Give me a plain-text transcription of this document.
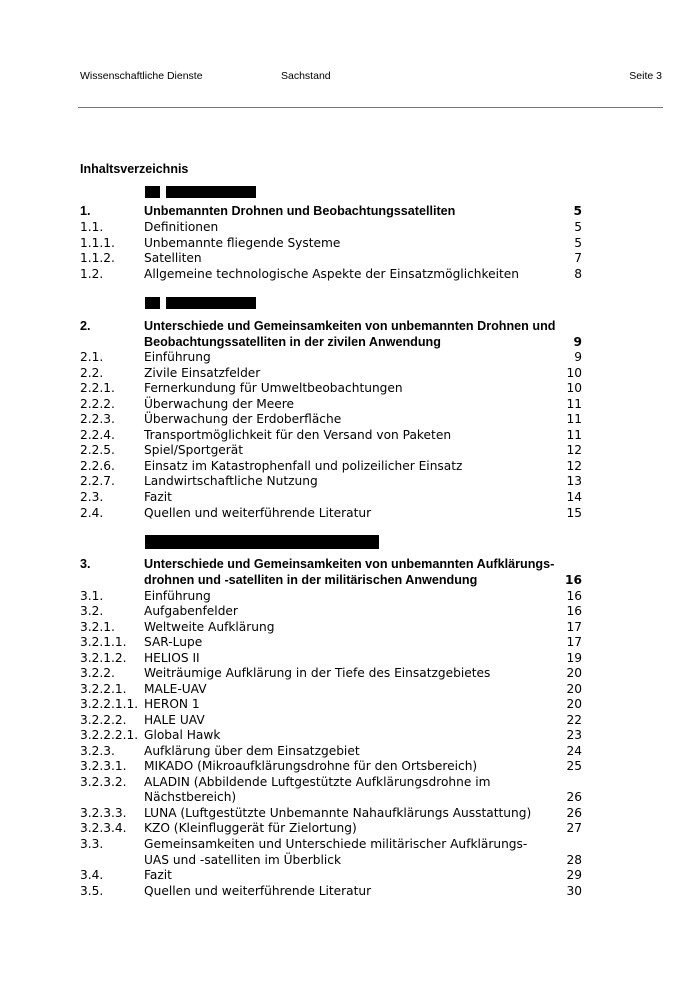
Wissenschaftliche Dienste	Sachstand	Seite 3
Inhaltsverzeichnis
1.	Unbemannten Drohnen und Beobachtungssatelliten	5
1.1.	Definitionen	5
1.1.1. Unbemannte fliegende Systeme	5
1.1.2. Satelliten	7
1.2.	Allgemeine technologische Aspekte der Einsatzmöglichkeiten	8
2.	Unterschiede und Gemeinsamkeiten von unbemannten Drohnen und
Beobachtungssatelliten in der zivilen Anwendung	9
2.1.	Einführung	9
2.2.	Zivile Einsatzfelder	10
2.2.1. Fernerkundung für Umweltbeobachtungen	10
2.2.2. Überwachung der Meere	11
2.2.3. Überwachung der Erdoberfläche	11
2.2.4. Transportmöglichkeit für den Versand von Paketen	11
2.2.5. Spiel/Sportgerät	12
2.2.6. Einsatz im Katastrophenfall und polizeilicher Einsatz	12
2.2.7. Landwirtschaftliche Nutzung	13
2.3.	Fazit	14
2.4.	Quellen und weiterführende Literatur	15
3.	Unterschiede und Gemeinsamkeiten von unbemannten Aufklärungs-
drohnen und -satelliten in der militärischen Anwendung	16
3.1.	Einführung	16
3.2.	Aufgabenfelder	16
3.2.1. Weltweite Aufklärung	17
3.2.1.1. SAR-Lupe	17
3.2.1.2. HELIOS II	19
3.2.2. Weiträumige Aufklärung in der Tiefe des Einsatzgebietes	20
3.2.2.1. MALE-UAV	20
3.2.2.1.1. HERON 1	20
3.2.2.2. HALE UAV	22
3.2.2.2.1. Global Hawk	23
3.2.3. Aufklärung über dem Einsatzgebiet	24
3.2.3.1. MIKADO (Mikroaufklärungsdrohne für den Ortsbereich)	25
3.2.3.2. ALADIN (Abbildende Luftgestützte Aufklärungsdrohne im
Nächstbereich)	26
3.2.3.3. LUNA (Luftgestützte Unbemannte Nahaufklärungs Ausstattung)	26
3.2.3.4. KZO (Kleinfluggerät für Zielortung)	27
3.3.	Gemeinsamkeiten und Unterschiede militärischer Aufklärungs-
UAS und -satelliten im Überblick	28
3.4.	Fazit	29
3.5.	Quellen und weiterführende Literatur	30
